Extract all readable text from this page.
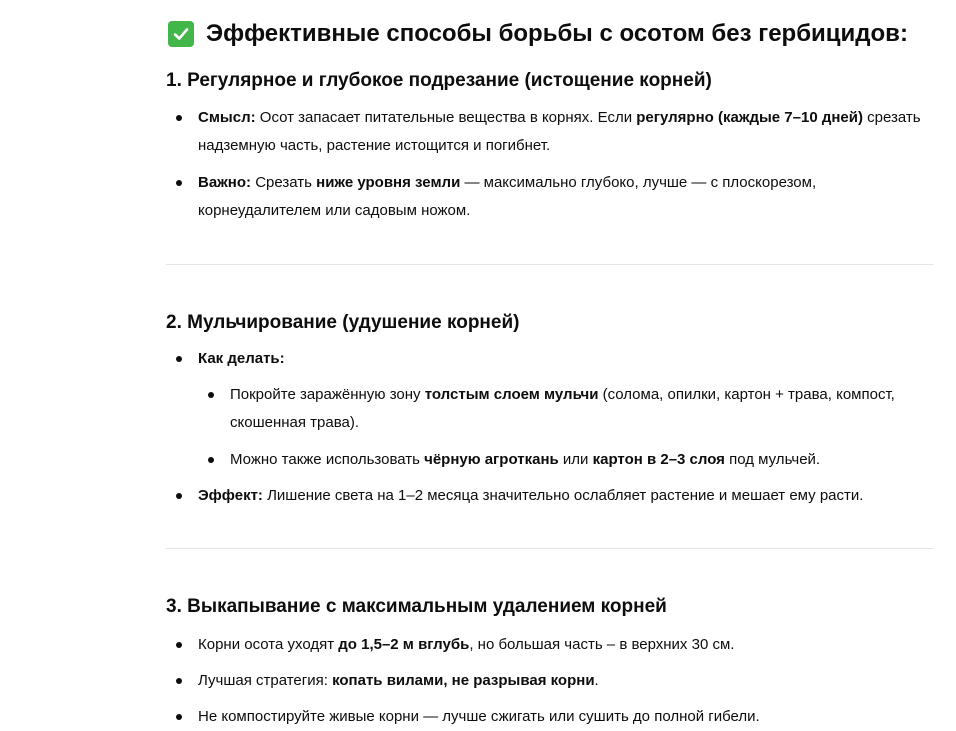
Эффективные способы борьбы с осотом без гербицидов:
1. Регулярное и глубокое подрезание (истощение корней)
Смысл: Осот запасает питательные вещества в корнях. Если регулярно (каждые 7–10 дней) срезать надземную часть, растение истощится и погибнет.
Важно: Срезать ниже уровня земли — максимально глубоко, лучше — с плоскорезом, корнеудалителем или садовым ножом.
2. Мульчирование (удушение корней)
Как делать:
Покройте заражённую зону толстым слоем мульчи (солома, опилки, картон + трава, компост, скошенная трава).
Можно также использовать чёрную агроткань или картон в 2–3 слоя под мульчей.
Эффект: Лишение света на 1–2 месяца значительно ослабляет растение и мешает ему расти.
3. Выкапывание с максимальным удалением корней
Корни осота уходят до 1,5–2 м вглубь, но большая часть – в верхних 30 см.
Лучшая стратегия: копать вилами, не разрывая корни.
Не компостируйте живые корни — лучше сжигать или сушить до полной гибели.
